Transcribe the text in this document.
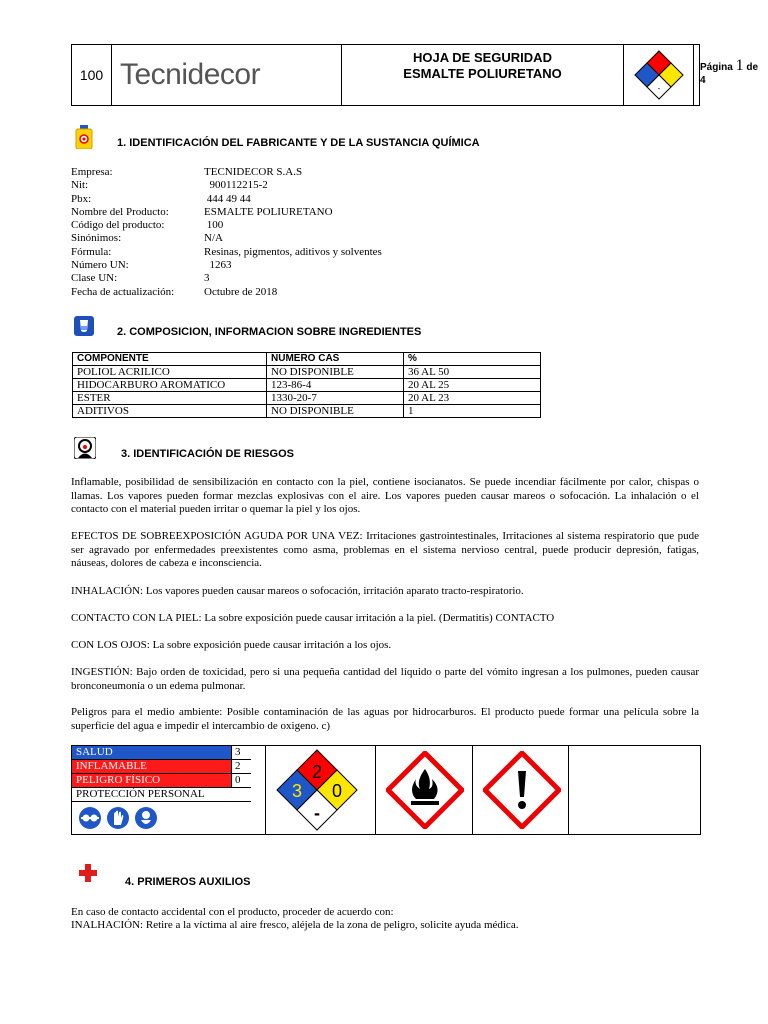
100 Tecnidecor
HOJA DE SEGURIDAD
ESMALTE POLIURETANO
-
Página 1 de
4
1. IDENTIFICACIÓN DEL FABRICANTE Y DE LA SUSTANCIA QUÍMICA
Empresa:	TECNIDECOR S.A.S
Nit:	900112215-2
Pbx:	444 49 44
Nombre del Producto:	ESMALTE POLIURETANO
Código del producto:	100
Sinónimos:	N/A
Fórmula:	Resinas, pigmentos, aditivos y solventes
Número UN:	1263
Clase UN:	3
Fecha de actualización:	Octubre de 2018
2. COMPOSICION, INFORMACION SOBRE INGREDIENTES
COMPONENTE	NUMERO CAS	%
POLIOL ACRILICO	NO DISPONIBLE	36 AL 50
HIDOCARBURO AROMATICO	123-86-4	20 AL 25
ESTER	1330-20-7	20 AL 23
ADITIVOS	NO DISPONIBLE	1
3. IDENTIFICACIÓN DE RIESGOS
Inflamable, posibilidad de sensibilización en contacto con la piel, contiene isocianatos. Se puede incendiar fácilmente por calor, chispas o llamas. Los vapores pueden formar mezclas explosivas con el aire. Los vapores pueden causar mareos o sofocación. La inhalación o el contacto con el material pueden irritar o quemar la piel y los ojos.
EFECTOS DE SOBREEXPOSICIÓN AGUDA POR UNA VEZ: Irritaciones gastrointestinales, Irritaciones al sistema respiratorio que pude ser agravado por enfermedades preexistentes como asma, problemas en el sistema nervioso central, puede producir depresión, fatigas, náuseas, dolores de cabeza e inconsciencia.
INHALACIÓN: Los vapores pueden causar mareos o sofocación, irritación aparato tracto-respiratorio.
CONTACTO CON LA PIEL: La sobre exposición puede causar irritación a la piel. (Dermatitis) CONTACTO
CON LOS OJOS: La sobre exposición puede causar irritación a los ojos.
INGESTIÓN: Bajo orden de toxicidad, pero si una pequeña cantidad del líquido o parte del vómito ingresan a los pulmones, pueden causar bronconeumonía o un edema pulmonar.
Peligros para el medio ambiente: Posible contaminación de las aguas por hidrocarburos. El producto puede formar una película sobre la superficie del agua e impedir el intercambio de oxigeno. c)
SALUD	3
INFLAMABLE	2
PELIGRO FÍSICO	0
PROTECCIÓN PERSONAL
2
3 0
-
4. PRIMEROS AUXILIOS
En caso de contacto accidental con el producto, proceder de acuerdo con:
INALHACIÓN: Retire a la víctima al aire fresco, aléjela de la zona de peligro, solicite ayuda médica.
